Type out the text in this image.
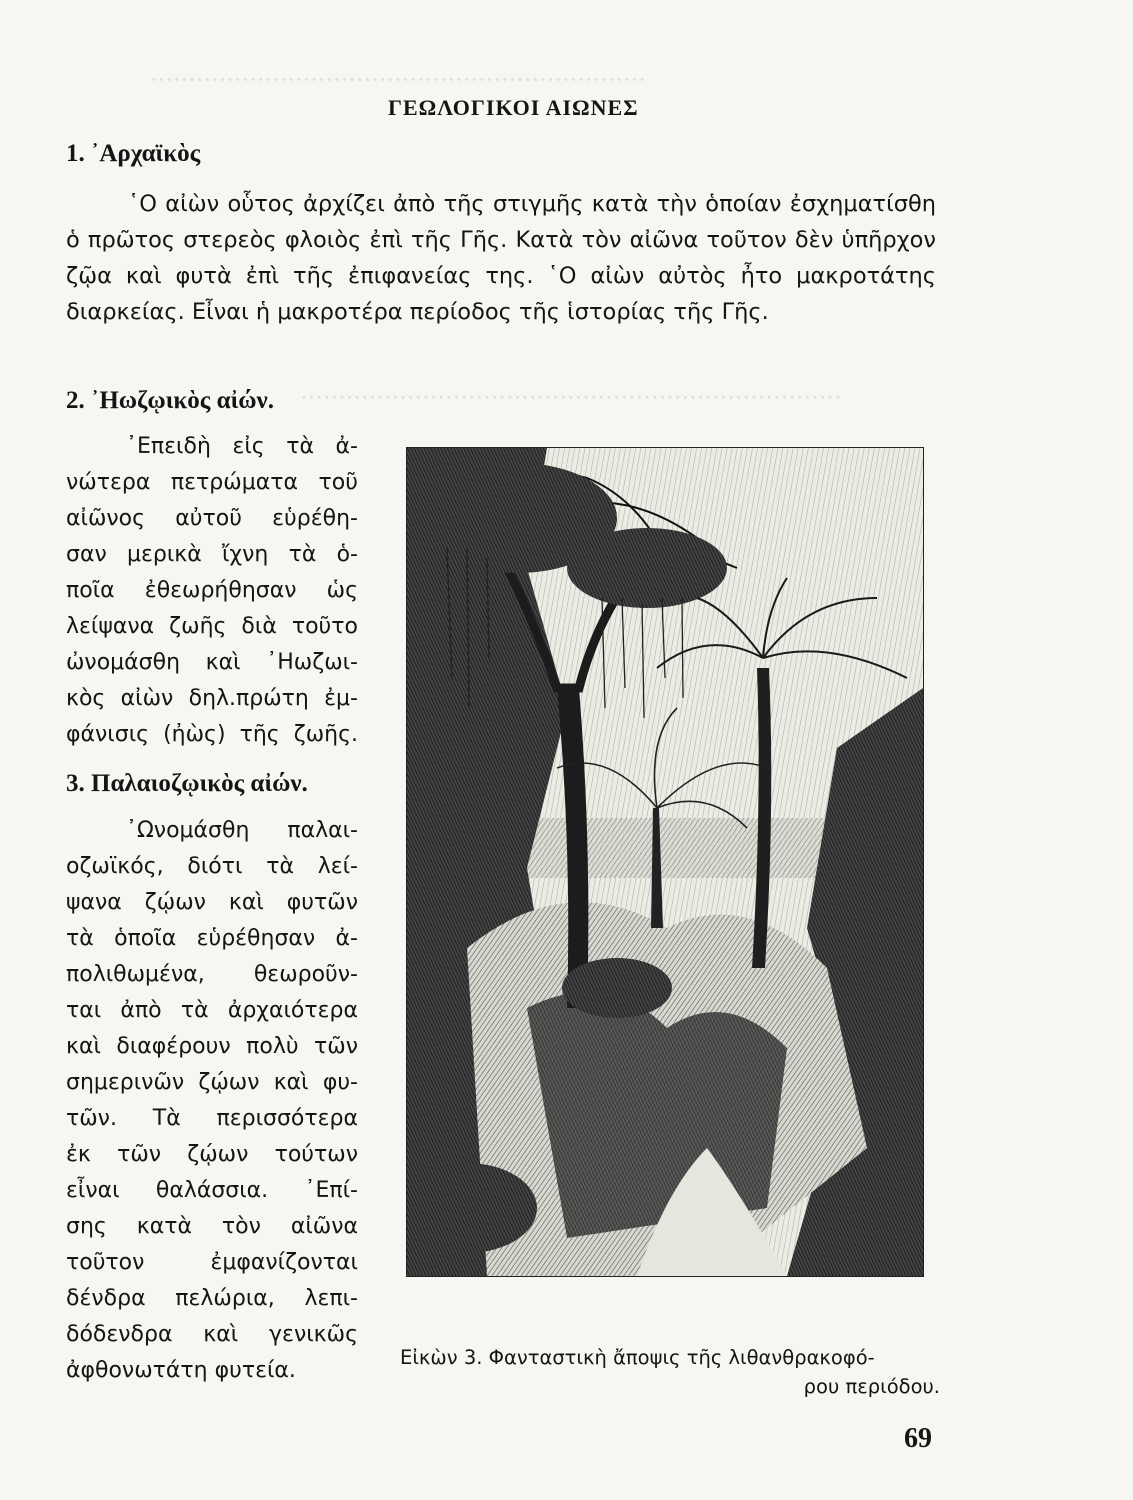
·································································
·······································································
ΓΕΩΛΟΓΙΚΟΙ ΑΙΩΝΕΣ
1. ᾿Αρχαϊκὸς
῾Ο αἰὼν οὗτος ἀρχίζει ἀπὸ τῆς στιγμῆς κατὰ τὴν ὁποίαν ἐσχηματίσθη ὁ πρῶτος στερεὸς φλοιὸς ἐπὶ τῆς Γῆς. Κατὰ τὸν αἰῶνα τοῦτον δὲν ὑπῆρχον ζῷα καὶ φυτὰ ἐπὶ τῆς ἐπιφανείας της. ῾Ο αἰὼν αὐτὸς ἦτο μακροτάτης διαρκείας. Εἶναι ἡ μακροτέρα περίοδος τῆς ἱστορίας τῆς Γῆς.
2. ᾿Ηωζῳικὸς αἰών.
᾿Επειδὴ εἰς τὰ ἀ-
νώτερα πετρώματα τοῦ
αἰῶνος αὐτοῦ εὑρέθη-
σαν μερικὰ ἴχνη τὰ ὁ-
ποῖα ἐθεωρήθησαν ὡς
λείψανα ζωῆς διὰ τοῦτο
ὠνομάσθη καὶ ᾿Ηωζωι-
κὸς αἰὼν δηλ.πρώτη ἐμ-
φάνισις (ἠὼς) τῆς ζωῆς.
3. Παλαιοζῳικὸς αἰών.
᾿Ωνομάσθη παλαι-
οζωϊκός, διότι τὰ λεί-
ψανα ζῴων καὶ φυτῶν
τὰ ὁποῖα εὑρέθησαν ἀ-
πολιθωμένα, θεωροῦν-
ται ἀπὸ τὰ ἀρχαιότερα
καὶ διαφέρουν πολὺ τῶν
σημερινῶν ζῴων καὶ φυ-
τῶν. Τὰ περισσότερα
ἐκ τῶν ζῴων τούτων
εἶναι θαλάσσια. ᾿Επί-
σης κατὰ τὸν αἰῶνα
τοῦτον ἐμφανίζονται
δένδρα πελώρια, λεπι-
δόδενδρα καὶ γενικῶς
ἀφθονωτάτη φυτεία.
Εἰκὼν 3. Φανταστικὴ ἄποψις τῆς λιθανθρακοφό-
ρου περιόδου.
69
